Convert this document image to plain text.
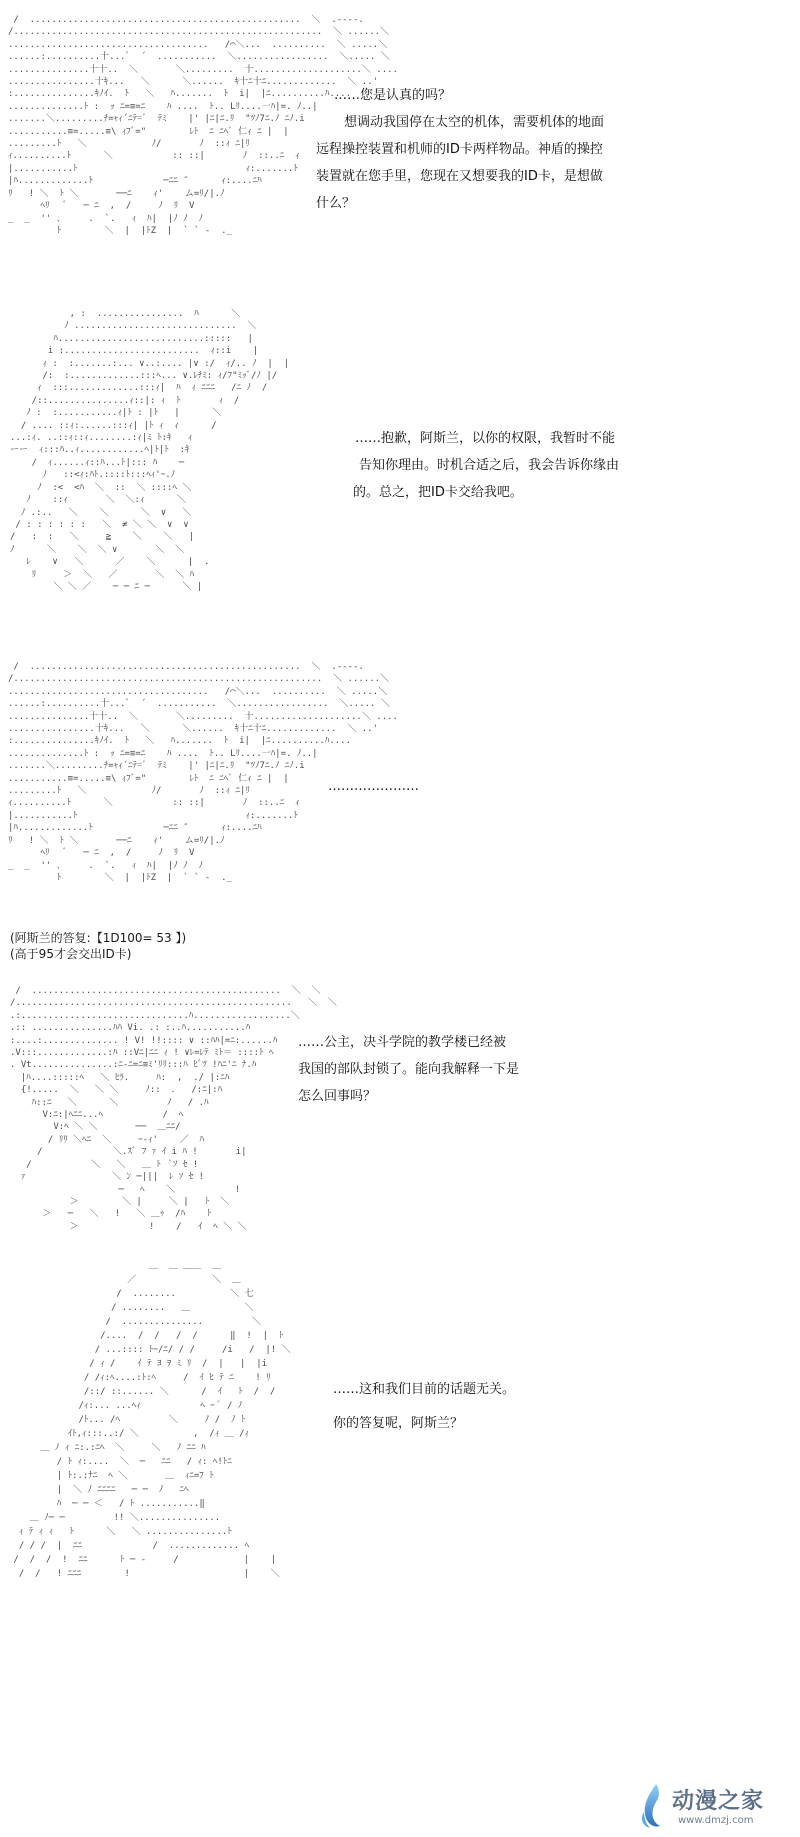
/  ..................................................  ＼  .----.
/.........................................................  ＼ ......＼
.....................................   /⌒＼...  ..........  ＼ .....＼
......:..........十...ﾟ  ´  ...........  ＼.................  ＼..... ＼
...............十十..  ＼       ＼.........  十....................＼ ....
................十ｷ...   ＼      ＼......  ｷ十ﾆ十ﾆ.............  ＼ ..'
:...............ｷﾉｲ.  ﾄ   ＼   ﾊ.......  ﾄ  i|  |ﾆ..........ﾊ....
..............ﾄ :  ｯ ﾆ=≡=ﾆ    ﾊ ....  ﾄ.. Lﾘ....一ﾊ|=. ﾉ..|
.......＼.........ﾁ=ｬｨ´ﾆﾃ=ﾞ  ﾃﾐ    |' |ﾆ|ﾆ.ﾘ  "ﾂﾉ7ﾆ.ﾉ ﾆﾉ.i
...........≡=.....≡\ ｨﾌﾞ="        ﾚﾄ  ﾆ ﾆﾍﾞ 仁ｨ ﾆ |  |
.........ﾄ   ＼            ﾉ/       ﾉ  ::ｨ ﾆ|ﾘ
ｨ..........ﾄ      ＼           :: ::|       ﾉ  ::..ﾆ  ｨ
|...........ﾄ                               ｨ:.......ﾄ
|ﾊ.............ﾄ             ─ﾆﾆ ″      ｨ:....ﾆﾊ
ﾘ   ! ＼  ﾄ ＼       ──ﾆ    ｨ'    ム=ﾘ/|.ﾉ
ﾍﾘ   ﾞ   ─ ﾆ  ,  /     ﾉ  ﾘ  V
_  _  '' ､     .  `.   ｨ  ﾊ|  |ﾉ ﾉ  ﾉ
ﾄ        ＼  |  |ﾄZ  |  ` ` -  ._
……您是认真的吗？
想调动我国停在太空的机体，需要机体的地面
远程操控装置和机师的ID卡两样物品。神盾的操控
装置就在您手里，您现在又想要我的ID卡，是想做
什么？
, :  ................  ﾊ      ＼
ﾉ ..............................  ＼
ﾊ...........................:::::   |
i :.........................  ｨ::i    |
ｨ :  :.......:... ∨..:.... |∨ :/  ｨ/.. ﾉ  |  |
/:  :.............:::ﾍ... ∨.ﾚﾁﾐ: ｨ/ﾌ"ﾐｯﾞ/ﾉ |/
ｨ  :::.............:::ｨ|  ﾊ  ｨ ﾆﾆﾆ   /ﾆ ﾉ  /
/::...............ｨ::|: ｨ  ﾄ       ｨ  /
ﾉ :  :...........ｨ|ﾄ : |ﾄ   |      ＼
/ .... ::ｨ:......:::ｨ| |ﾄ ｨ  ｨ      /
...:ｨ. ..::ｨ::ｨ........:ｨ|ﾐ ﾄ:ｷ   ｨ
ーー  ｨ:::ﾊ..ｨ............ﾍ|ﾄ|ﾄ  :ｷ
/  ｨ......ｨ::ﾊ...ﾄ|::: ﾊ    ─
ﾉ   ::<ｨ:ﾊﾄ.::::ﾄ:::ﾍｨ'ｰ.ﾉ
ﾉ  :<  <ﾊ  ＼  ::  ＼ ::::ﾍ ＼
ﾉ    ::ｨ       ＼  ＼:ｨ      ＼
ﾉ .:..   ＼    ＼      ＼  ∨   ＼
/ : : : : : :   ＼  ≠ ＼ ＼  ∨  ∨
/   :  :   ＼     ≧    ＼    ＼   |
ﾉ      ＼    ＼  ＼ ∨       ＼  ＼
ﾚ    ∨   ＼      ／    ＼      |  .
ﾘ     ＞  ＼   ／       ＼  ＼ ﾊ
＼ ＼ ／    ─ ─ ﾆ ─      ＼ |
……抱歉，阿斯兰，以你的权限，我暂时不能
告知你理由。时机合适之后，我会告诉你缘由
的。总之，把ID卡交给我吧。
/  ..................................................  ＼  .----.
/.........................................................  ＼ ......＼
.....................................   /⌒＼...  ..........  ＼ .....＼
......:..........十...ﾟ  ´  ...........  ＼.................  ＼..... ＼
...............十十..  ＼       ＼.........  十....................＼ ....
................十ｷ...   ＼      ＼......  ｷ十ﾆ十ﾆ.............  ＼ ..'
:...............ｷﾉｲ.  ﾄ   ＼   ﾊ.......  ﾄ  i|  |ﾆ..........ﾊ....
..............ﾄ :  ｯ ﾆ=≡=ﾆ    ﾊ ....  ﾄ.. Lﾘ....一ﾊ|=. ﾉ..|
.......＼.........ﾁ=ｬｨ´ﾆﾃ=ﾞ  ﾃﾐ    |' |ﾆ|ﾆ.ﾘ  "ﾂﾉ7ﾆ.ﾉ ﾆﾉ.i
...........≡=.....≡\ ｨﾌﾞ="        ﾚﾄ  ﾆ ﾆﾍﾞ 仁ｨ ﾆ |  |
.........ﾄ   ＼            ﾉ/       ﾉ  ::ｨ ﾆ|ﾘ
ｨ..........ﾄ      ＼           :: ::|       ﾉ  ::..ﾆ  ｨ
|...........ﾄ                               ｨ:.......ﾄ
|ﾊ.............ﾄ             ─ﾆﾆ ″      ｨ:....ﾆﾊ
ﾘ   ! ＼  ﾄ ＼       ──ﾆ    ｨ'    ム=ﾘ/|.ﾉ
ﾍﾘ   ﾞ   ─ ﾆ  ,  /     ﾉ  ﾘ  V
_  _  '' ､     .  `.   ｨ  ﾊ|  |ﾉ ﾉ  ﾉ
ﾄ        ＼  |  |ﾄZ  |  ` ` -  ._
…………………
(阿斯兰的答复:【1D100= 53 】)
(高于95才会交出ID卡)
/  ..............................................  ＼  ＼
/...................................................   ＼  ＼
.:...............................ﾊ..................＼
.:: ...............ﾊﾊ Vi. .: :..ﾊ...........ﾊ
:....:.............. ! V! !!:::: ∨ ::ﾊﾊ|=ﾆ:......ﾊ
.V:::.............:ﾊ ::Vﾆ|ﾆﾆ ｨ ! ∨ﾚ=ﾚﾃ ﾐﾄ＝ ::::ﾄ ﾍ
. Vt...............:ﾆ-ﾆ=ﾆ≡ﾐ'ﾘﾘ:::ﾊ ﾋﾞﾂ !ﾊﾆ'ﾆ ﾅ.ﾊ
|ﾊ....:::::ﾍ   ＼ ﾋﾗ.     ﾊ:  ,  ./ |:ﾆﾊ
{!.....  ＼   ＼ ＼     ﾉ::  ．  /:ﾆ|:ﾊ
ﾊ::ﾆ   ＼      ＼         ﾉ   / .ﾊ
V:ﾆ:|ﾍﾆﾆ...ﾍ           /  ﾍ
V:ﾍ ＼ ＼       ──  ＿ﾆﾆ/
/ ﾘﾘ ＼ﾍﾆ  ＼     ｰ-ｨ'    ／  ﾊ
/             ＼.ｽﾞ ﾌ ｧ ｲ i ﾊ !       i|
/           ＼   ＼   ＿ ﾄ  ﾞｿ ｾ !
ｧ                ＼ ﾝ ─|||  ﾚ ｿ ｾ !
─   ﾍ    ＼           !
＞        ＼ |     ＼ |   ﾄ  ＼
＞   ─   ＼   !   ＼ ＿ｩ  /ﾊ    ﾄ
＞             !    /   ｲ  ﾍ ＼ ＼
……公主，决斗学院的教学楼已经被
我国的部队封锁了。能向我解释一下是
怎么回事吗？
＿  ＿ ＿＿  ＿
／              ＼  ＿
/  ........          ＼ 七
/ ........   ＿          ＼
/  ...............         ＼
/....  /  /   /  /      ‖  !  |  ﾄ
/ ...:::: ﾄｰ/ﾆ/ / /     /i   /  |! ＼
/ ｨ /    ｲ ﾃ ﾖ ｦ ﾐ ﾘ  /  |   |  |i
/ /ｨ:ﾍ....:ﾄ:ﾍ     /  ｲ ﾋ ﾃ ﾆ    ! ﾘ
/::/ ::...... ＼      /  ｲ   ﾄ  /  /
/ｨ:... ...ﾍｨ           ﾍ ｰ ﾞ / ﾉ
/ﾄ... /ﾍ         ＼     ﾉ /  ﾉ ﾄ
ｲﾄ,ｨ:::..:/ ＼          ,  /ｨ ＿ /ｨ
＿ ﾉ ｨ ﾆ:.:ﾆﾍ  ＼     ＼   ﾉ ﾆﾆ ﾊ
/ ﾄ ｨ:....  ＼  ─   ﾆﾆ   / ｨ: ﾍ!ﾄﾆ
| ﾄ:.:ﾅﾆ  ﾍ ＼       ＿  ｨﾆ=ﾌ ﾄ
|  ＼ ﾉ ﾆﾆﾆﾆ   ─ ─  ﾉ   ﾆﾍ
ﾊ  ─ ─ ＜   / ﾄ ...........‖
＿ ﾉ─ ─         !! ＼...............
ｨ ﾃ ｨ ｨ   ﾄ      ＼   ＼ ...............ﾄ
/ / /  |  ﾆﾆ             /  ............. ﾍ
/  /  /  !  ﾆﾆ      ﾄ ─ -     /            |    |
/  /   ! ﾆﾆﾆ        !                     |    ＼
……这和我们目前的话题无关。
你的答复呢，阿斯兰？
动漫之家
www.dmzj.com
